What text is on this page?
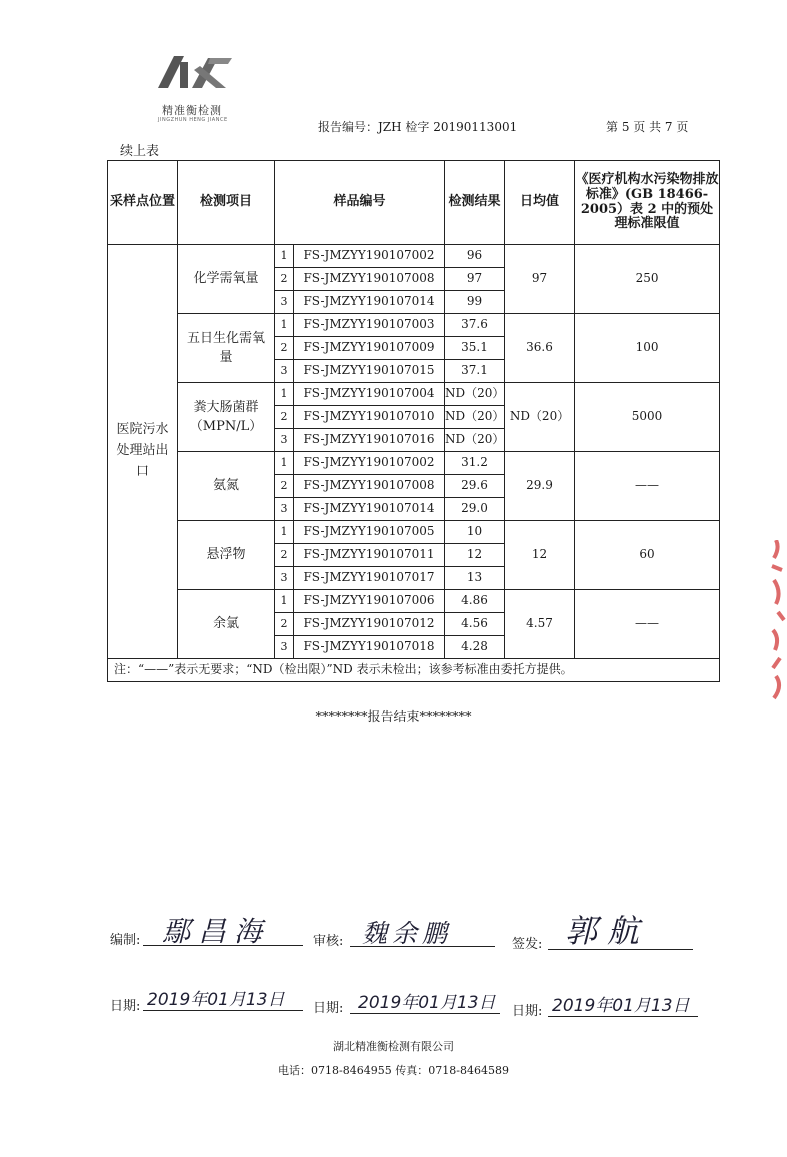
精准衡检测
JINGZHUN HENG JIANCE	报告编号：JZH 检字 20190113001	第 5 页 共 7 页
续上表
采样点位置	检测项目	样品编号		检测结果	日均值	《医疗机构水污染物排放标准》(GB 18466-2005）表 2 中的预处理标准限值
医院污水处理站出口	化学需氧量	1	FS-JMZYY190107002	96	97	250
		2	FS-JMZYY190107008	97		
		3	FS-JMZYY190107014	99		
	五日生化需氧量	1	FS-JMZYY190107003	37.6	36.6	100
		2	FS-JMZYY190107009	35.1		
		3	FS-JMZYY190107015	37.1		
	粪大肠菌群（MPN/L）	1	FS-JMZYY190107004	ND（20）	ND（20）	5000
		2	FS-JMZYY190107010	ND（20）		
		3	FS-JMZYY190107016	ND（20）		
	氨氮	1	FS-JMZYY190107002	31.2	29.9	——
		2	FS-JMZYY190107008	29.6		
		3	FS-JMZYY190107014	29.0		
	悬浮物	1	FS-JMZYY190107005	10	12	60
		2	FS-JMZYY190107011	12		
		3	FS-JMZYY190107017	13		
	余氯	1	FS-JMZYY190107006	4.86	4.57	——
		2	FS-JMZYY190107012	4.56		
		3	FS-JMZYY190107018	4.28		
注：“——”表示无要求；“ND（检出限）”ND 表示未检出；该参考标准由委托方提供。						
********报告结束********
编制: 鄢昌海	审核: 魏余鹏	签发: 郭航
日期: 2019年01月13日 日期: 2019年01月13日 日期: 2019年01月13日
湖北精准衡检测有限公司
电话：0718-8464955 传真：0718-8464589
